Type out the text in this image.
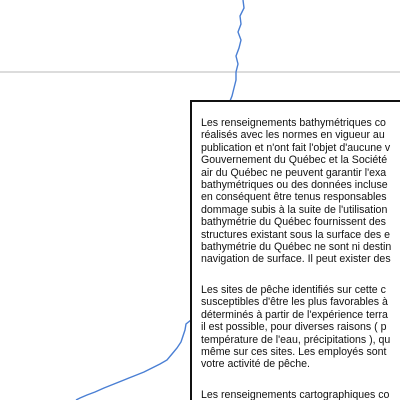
Les renseignements bathymétriques co
réalisés avec les normes en vigueur au
publication et n'ont fait l'objet d'aucune v
Gouvernement du Québec et la Société
air du Québec ne peuvent garantir l'exa
bathymétriques ou des données incluse
en conséquent être tenus responsables
dommage subis à la suite de l'utilisation
bathymétrie du Québec fournissent des
structures existant sous la surface des e
bathymétrie du Québec ne sont ni destin
navigation de surface. Il peut exister des
Les sites de pêche identifiés sur cette c
susceptibles d'être les plus favorables à
déterminés à partir de l'expérience terra
il est possible, pour diverses raisons ( p
température de l'eau, précipitations ), qu
même sur ces sites. Les employés sont
votre activité de pêche.
Les renseignements cartographiques co
